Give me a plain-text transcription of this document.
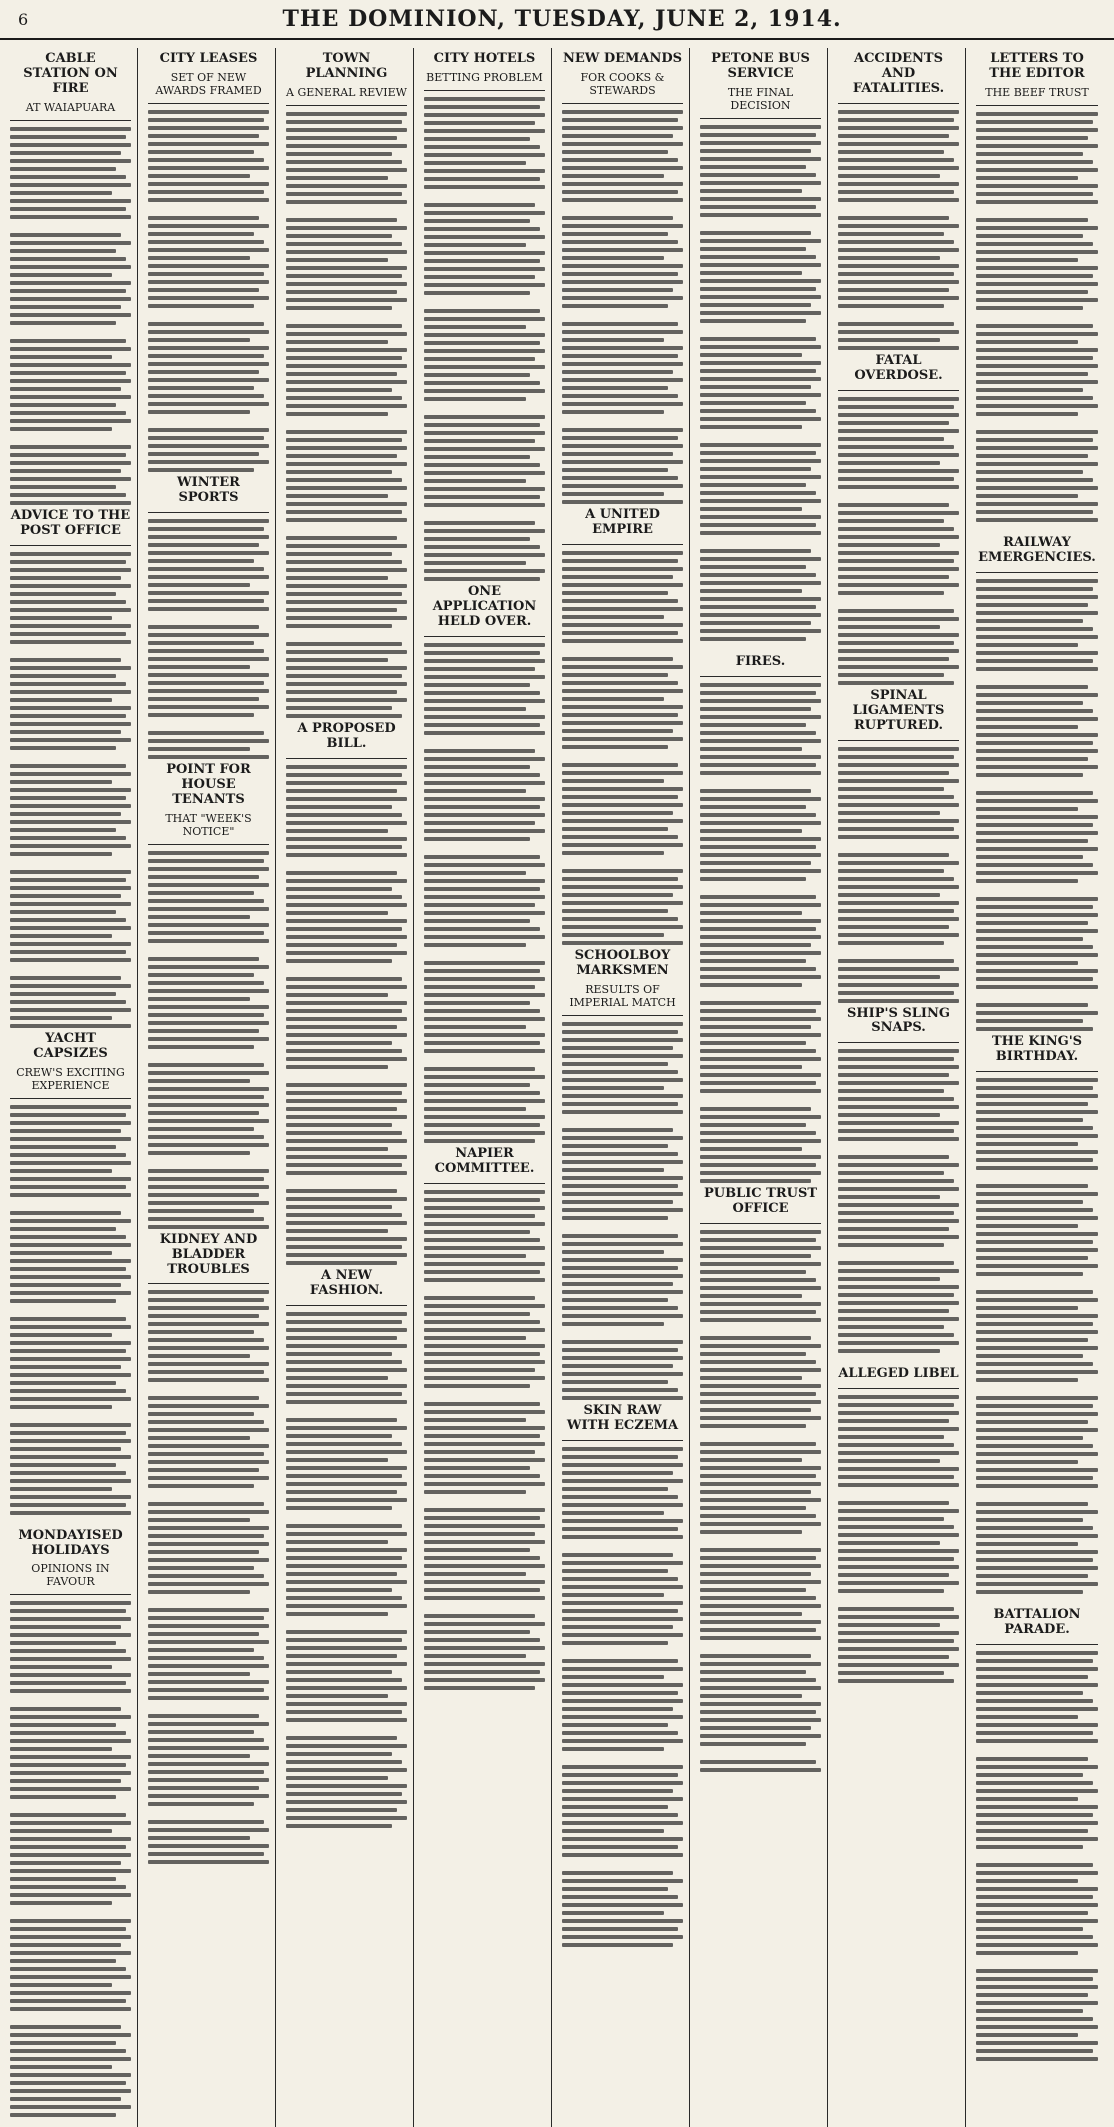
6	THE DOMINION, TUESDAY, JUNE 2, 1914.
CABLE STATION ON FIRE
AT WAIAPUARA
ADVICE TO THE POST OFFICE
YACHT CAPSIZES
CREW'S EXCITING EXPERIENCE
MONDAYISED HOLIDAYS
OPINIONS IN FAVOUR
CITY LEASES
SET OF NEW AWARDS FRAMED
WINTER SPORTS
POINT FOR HOUSE TENANTS
THAT "WEEK'S NOTICE"
KIDNEY AND BLADDER TROUBLES
TOWN PLANNING
A GENERAL REVIEW
A PROPOSED BILL.
A NEW FASHION.
CITY HOTELS
BETTING PROBLEM
ONE APPLICATION HELD OVER.
NAPIER COMMITTEE.
NEW DEMANDS
FOR COOKS & STEWARDS
A UNITED EMPIRE
SCHOOLBOY MARKSMEN
RESULTS OF IMPERIAL MATCH
SKIN RAW WITH ECZEMA
PETONE BUS SERVICE
THE FINAL DECISION
FIRES.
PUBLIC TRUST OFFICE
ACCIDENTS AND FATALITIES.
FATAL OVERDOSE.
SPINAL LIGAMENTS RUPTURED.
SHIP'S SLING SNAPS.
ALLEGED LIBEL
LETTERS TO THE EDITOR
THE BEEF TRUST
RAILWAY EMERGENCIES.
THE KING'S BIRTHDAY.
BATTALION PARADE.
